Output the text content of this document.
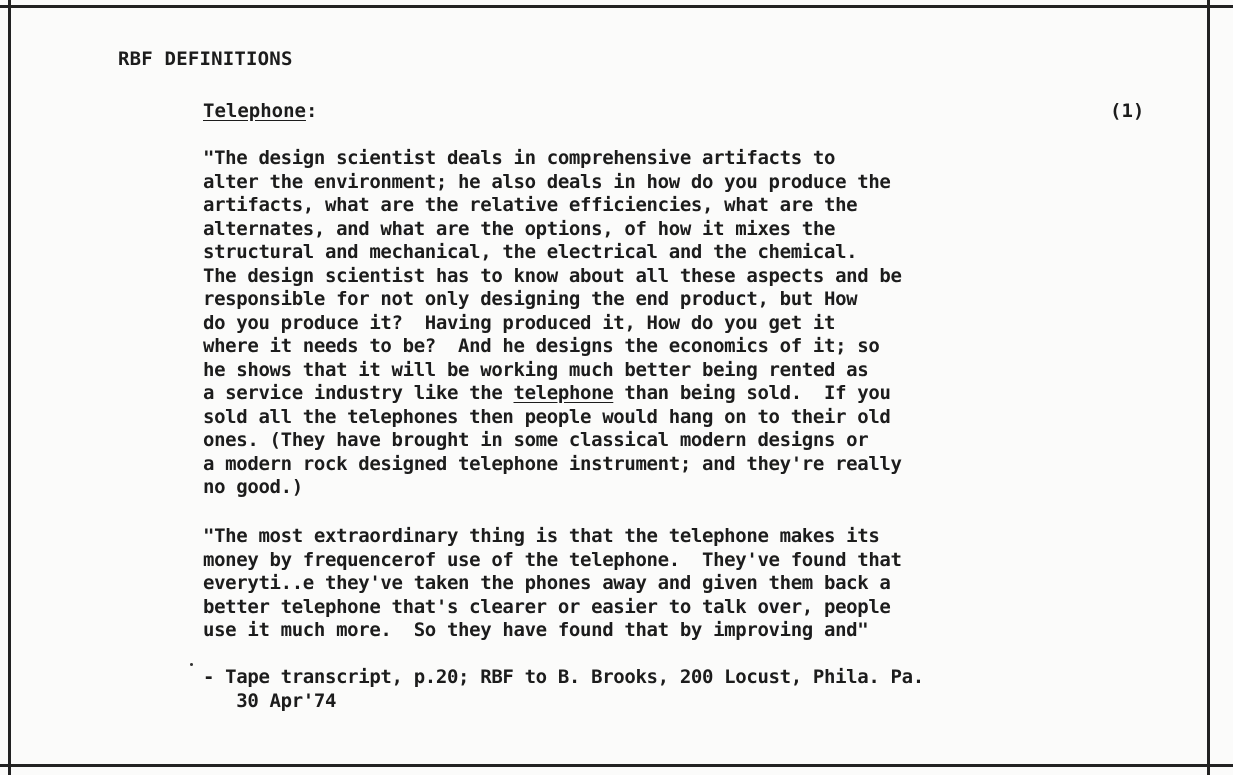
RBF DEFINITIONS
Telephone:	(1)
"The design scientist deals in comprehensive artifacts to
alter the environment; he also deals in how do you produce the
artifacts, what are the relative efficiencies, what are the
alternates, and what are the options, of how it mixes the
structural and mechanical, the electrical and the chemical.
The design scientist has to know about all these aspects and be
responsible for not only designing the end product, but How
do you produce it?  Having produced it, How do you get it
where it needs to be?  And he designs the economics of it; so
he shows that it will be working much better being rented as
a service industry like the telephone than being sold.  If you
sold all the telephones then people would hang on to their old
ones. (They have brought in some classical modern designs or
a modern rock designed telephone instrument; and they're really
no good.)
"The most extraordinary thing is that the telephone makes its
money by frequencerof use of the telephone.  They've found that
everyti..e they've taken the phones away and given them back a
better telephone that's clearer or easier to talk over, people
use it much more.  So they have found that by improving and"
- Tape transcript, p.20; RBF to B. Brooks, 200 Locust, Phila. Pa.
30 Apr'74
